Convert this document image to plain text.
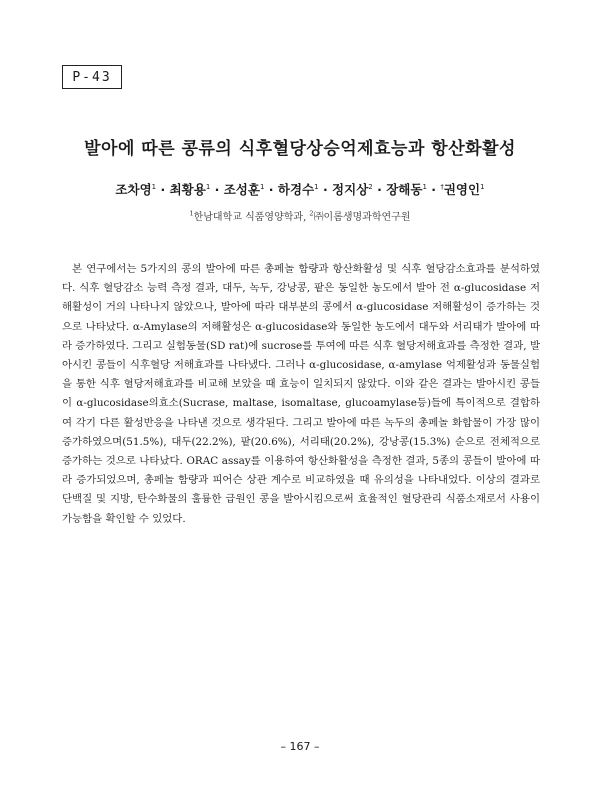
P-43
발아에 따른 콩류의 식후혈당상승억제효능과 항산화활성
조차영$^1$ · 최황용$^1$ · 조성훈$^1$ · 하경수$^1$ · 정지상$^2$ · 장해동$^1$ · †권영인$^1$
$^1$한남대학교 식품영양학과, $^2$㈜이롬생명과학연구원

본 연구에서는 5가지의 콩의 발아에 따른 총페놀 함량과 항산화활성 및 식후 혈당감소효과를 분석하였다. 식후 혈당감소 능력 측정 결과, 대두, 녹두, 강낭콩, 팥은 동일한 농도에서 발아 전 α-glucosidase 저해활성이 거의 나타나지 않았으나, 발아에 따라 대부분의 콩에서 α-glucosidase 저해활성이 증가하는 것으로 나타났다. α-Amylase의 저해활성은 α-glucosidase와 동일한 농도에서 대두와 서리태가 발아에 따라 증가하였다. 그리고 실험동물(SD rat)에 sucrose를 투여에 따른 식후 혈당저해효과를 측정한 결과, 발아시킨 콩들이 식후혈당 저해효과를 나타냈다. 그러나 α-glucosidase, α-amylase 억제활성과 동물실험을 통한 식후 혈당저해효과를 비교해 보았을 때 효능이 일치되지 않았다. 이와 같은 결과는 발아시킨 콩들이 α-glucosidase의효소(Sucrase, maltase, isomaltase, glucoamylase등)들에 특이적으로 결합하여 각기 다른 활성반응을 나타낸 것으로 생각된다. 그리고 발아에 따른 녹두의 총페놀 화합물이 가장 많이 증가하였으며(51.5%), 대두(22.2%), 팥(20.6%), 서리태(20.2%), 강낭콩(15.3%) 순으로 전체적으로 증가하는 것으로 나타났다. ORAC assay를 이용하여 항산화활성을 측정한 결과, 5종의 콩들이 발아에 따라 증가되었으며, 총페놀 함량과 피어슨 상관 계수로 비교하였을 때 유의성을 나타내었다. 이상의 결과로 단백질 및 지방, 탄수화물의 훌륭한 급원인 콩을 발아시킴으로써 효율적인 혈당관리 식품소재로서 사용이 가능함을 확인할 수 있었다.

– 167 –
